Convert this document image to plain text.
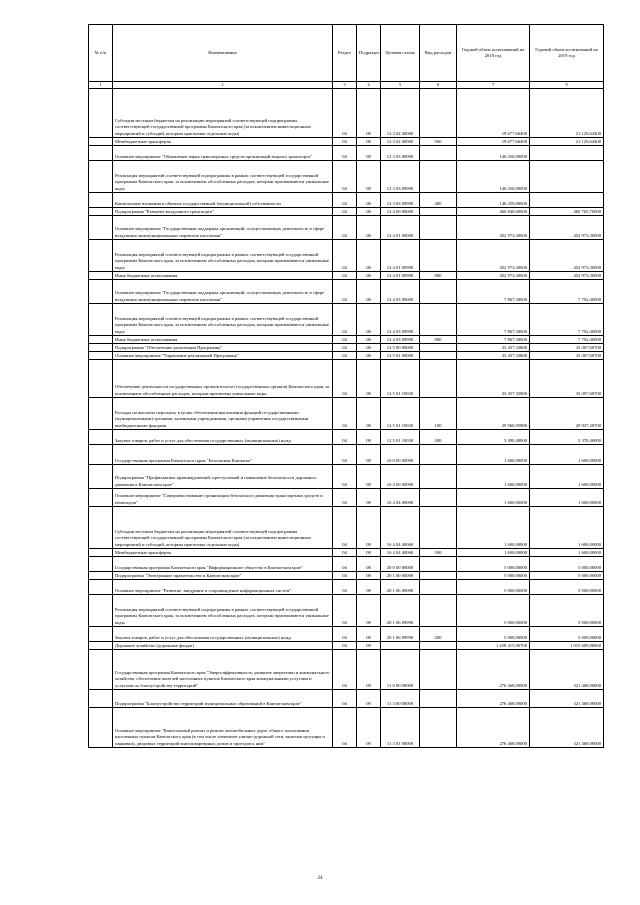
№ п/п	Наименование	Раздел	Подраздел	Целевая статья	Вид расходов	Годовой объем ассигнований на 2018 год	Годовой объем ассигнований на 2019 год
1	2	3	4	5	6	7	8
	Субсидии местным бюджетам на реализацию мероприятий соответствующей подпрограммы соответствующей государственной программы Камчатского края (за исключением инвестиционных мероприятий и субсидий, которым присвоены отдельные коды)	04	08	12 3 02 40060		19 677,66400	21 129,64400
	Межбюджетные трансферты	04	08	12 3 02 40060	500	19 677,66400	21 129,64400
	Основное мероприятие "Обновление парка транспортных средств организаций водного транспорта"	04	08	12 3 03 00000		146 250,00000	
	Реализация мероприятий соответствующей подпрограммы в рамках соответствующей государственной программы Камчатского края, за исключением обособленных расходов, которым присваиваются уникальные коды	04	08	12 3 03 09990		146 250,00000	
	Капитальные вложения в объекты государственной (муниципальной) собственности	04	08	12 3 03 09990	400	146 250,00000	
	Подпрограмма "Развитие воздушного транспорта"	04	08	12 4 00 00000		460 840,60000	460 765,70000
	Основное мероприятие "Государственная поддержка организаций, осуществляющих деятельность в сфере воздушных межмуниципальных перевозок населения"	04	08	12 4 01 00000		452 973,30000	452 973,30000
	Реализация мероприятий соответствующей подпрограммы в рамках соответствующей государственной программы Камчатского края, за исключением обособленных расходов, которым присваиваются уникальные коды	04	08	12 4 01 09990		452 973,30000	452 973,30000
	Иные бюджетные ассигнования	04	08	12 4 01 09990	800	452 973,30000	452 973,30000
	Основное мероприятие "Государственная поддержка организаций, осуществляющих деятельность в сфере воздушных межмуниципальных перевозок населения"	04	08	12 4 03 00000		7 867,30000	7 792,40000
	Реализация мероприятий соответствующей подпрограммы в рамках соответствующей государственной программы Камчатского края, за исключением обособленных расходов, которым присваиваются уникальные коды	04	08	12 4 03 09990		7 867,30000	7 792,40000
	Иные бюджетные ассигнования	04	08	12 4 03 09990	800	7 867,30000	7 792,40000
	Подпрограмма "Обеспечение реализации Программы"	04	08	12 5 00 00000		33 457,35800	33 307,60700
	Основное мероприятие "Управление реализацией Программы"	04	08	12 5 01 00000		33 457,35800	33 307,60700
	Обеспечение деятельности государственных органов власти (государственных органов) Камчатского края, за исключением обособленных расходов, которым присвоены уникальные коды.	04	08	12 5 01 10030		33 457,35800	33 307,60700
	Расходы на выплаты персоналу в целях обеспечения выполнения функций государственными (муниципальными) органами, казенными учреждениями, органами управления государственными внебюджетными фондами	04	08	12 5 01 10030	100	29 966,95880	29 937,20700
	Закупка товаров, работ и услуг для обеспечения государственных (муниципальных) нужд	04	08	12 5 01 10030	200	3 490,40000	3 370,40000
	Государственная программа Камчатского края "Безопасная Камчатка"	04	08	16 0 00 00000		1 600,00000	1 600,00000
	Подпрограмма "Профилактика правонарушений, преступлений и повышение безопасности дорожного движения в Камчатском крае"	04	08	16 4 00 00000		1 600,00000	1 600,00000
	Основное мероприятие "Совершенствование организации безопасного движения транспортных средств и пешеходов"	04	08	16 4 04 00000		1 600,00000	1 600,00000
	Субсидии местным бюджетам на реализацию мероприятий соответствующей подпрограммы соответствующей государственной программы Камчатского края (за исключением инвестиционных мероприятий и субсидий, которым присвоены отдельные коды)	04	08	16 4 04 40060		1 600,00000	1 600,00000
	Межбюджетные трансферты	04	08	16 4 04 40060	500	1 600,00000	1 600,00000
	Государственная программа Камчатского края "Информационное общество в Камчатском крае"	04	08	20 0 00 00000		5 000,00000	5 000,00000
	Подпрограмма "Электронное правительство в Камчатском крае"	04	08	20 1 00 00000		5 000,00000	5 000,00000
	Основное мероприятие "Развитие, внедрение и сопровождение информационных систем"	04	08	20 1 06 00000		5 000,00000	5 000,00000
	Реализация мероприятий соответствующей подпрограммы в рамках соответствующей государственной программы Камчатского края, за исключением обособленных расходов, которым присваиваются уникальные коды	04	08	20 1 06 09990		5 000,00000	5 000,00000
	Закупка товаров, работ и услуг для обеспечения государственных (муниципальных) нужд	04	08	20 1 06 09990	200	5 000,00000	5 000,00000
	Дорожное хозяйство (дорожные фонды)	04	09			1 458 415,90700	1 915 609,86800
	Государственная программа Камчатского края "Энергоэффективность, развитие энергетики и коммунального хозяйства, обеспечение жителей населенных пунктов Камчатского края коммунальными услугами и услугами по благоустройству территорий"	04	09	11 0 00 00000		276 468,00000	321 468,00000
	Подпрограмма "Благоустройство территорий муниципальных образований в Камчатском крае"	04	09	11 3 00 00000		276 468,00000	321 468,00000
	Основное мероприятие "Капитальный ремонт и ремонт автомобильных дорог общего пользования населенных пунктов Камчатского края (в том числе элементов улично-дорожной сети, включая тротуары и парковки), дворовых территорий многоквартирных домов и проездов к ним"	04	09	11 3 01 00000		276 468,00000	321 468,00000
24
